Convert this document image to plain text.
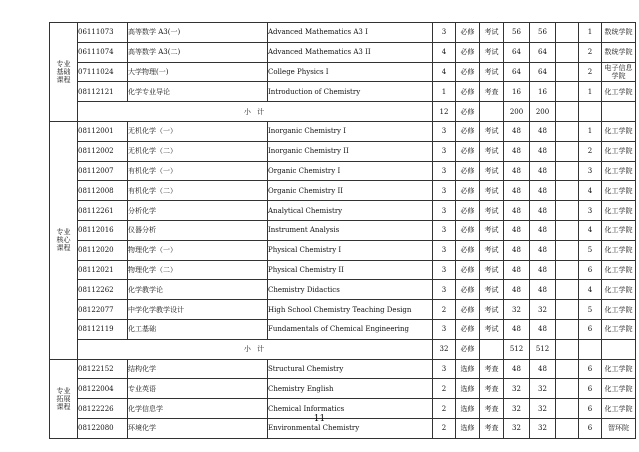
专业
基础
课程	06111073	高等数学 A3(一)	Advanced Mathematics A3 I	3	必修	考试	56	56		1	数统学院
	06111074	高等数学 A3(二)	Advanced Mathematics A3 II	4	必修	考试	64	64		2	数统学院
	07111024	大学物理(一)	College Physics I	4	必修	考试	64	64		2	电子信息学院
	08112121	化学专业导论	Introduction of Chemistry	1	必修	考查	16	16		1	化工学院
	小 计			12	必修		200	200			
专业
核心
课程	08112001	无机化学（一）	Inorganic Chemistry I	3	必修	考试	48	48		1	化工学院
	08112002	无机化学（二）	Inorganic Chemistry II	3	必修	考试	48	48		2	化工学院
	08112007	有机化学（一）	Organic Chemistry I	3	必修	考试	48	48		3	化工学院
	08112008	有机化学（二）	Organic Chemistry II	3	必修	考试	48	48		4	化工学院
	08112261	分析化学	Analytical Chemistry	3	必修	考试	48	48		3	化工学院
	08112016	仪器分析	Instrument Analysis	3	必修	考试	48	48		4	化工学院
	08112020	物理化学（一）	Physical Chemistry I	3	必修	考试	48	48		5	化工学院
	08112021	物理化学（二）	Physical Chemistry II	3	必修	考试	48	48		6	化工学院
	08112262	化学教学论	Chemistry Didactics	3	必修	考试	48	48		4	化工学院
	08122077	中学化学教学设计	High School Chemistry Teaching Design	2	必修	考试	32	32		5	化工学院
	08112119	化工基础	Fundamentals of Chemical Engineering	3	必修	考试	48	48		6	化工学院
	小 计			32	必修		512	512			
专业
拓展
课程	08122152	结构化学	Structural Chemistry	3	选修	考查	48	48		6	化工学院
	08122004	专业英语	Chemistry English	2	选修	考查	32	32		6	化工学院
	08122226	化学信息学	Chemical Informatics	2	选修	考查	32	32		6	化工学院
	08122080	环境化学	Environmental Chemistry	2	选修	考查	32	32		6	智环院
11
